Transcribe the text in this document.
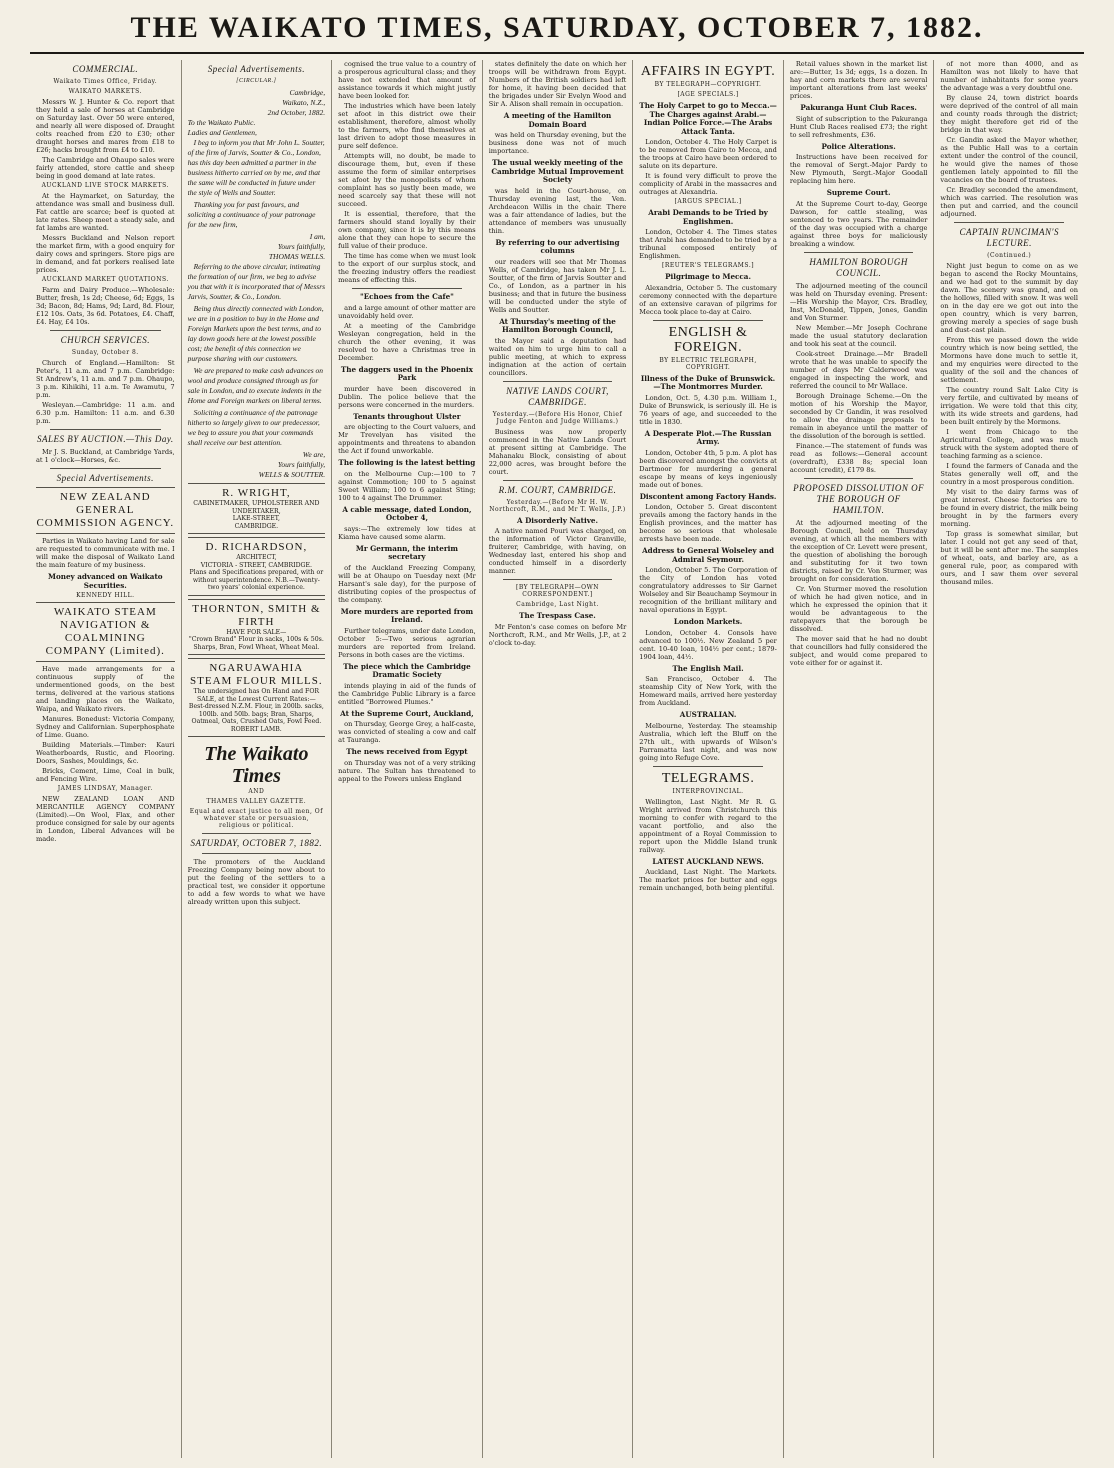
THE WAIKATO TIMES, SATURDAY, OCTOBER 7, 1882.
COMMERCIAL.
Waikato Times Office, Friday.
WAIKATO MARKETS.

Messrs W. J. Hunter & Co. report that they held a sale of horses at Cambridge on Saturday last. Over 50 were entered, and nearly all were disposed of. Draught colts reached from £20 to £30; other draught horses and mares from £18 to £26; hacks brought from £4 to £10.

The Cambridge and Ohaupo sales were fairly attended, store cattle and sheep being in good demand at late rates.

AUCKLAND LIVE STOCK MARKETS.

At the Haymarket, on Saturday, the attendance was small and business dull. Fat cattle are scarce; beef is quoted at late rates. Sheep meet a steady sale, and fat lambs are wanted.

Messrs Buckland and Nelson report the market firm, with a good enquiry for dairy cows and springers. Store pigs are in demand, and fat porkers realised late prices.

AUCKLAND MARKET QUOTATIONS.

Farm and Dairy Produce.—Wholesale: Butter, fresh, 1s 2d; Cheese, 6d; Eggs, 1s 3d; Bacon, 8d; Hams, 9d; Lard, 8d. Flour, £12 10s. Oats, 3s 6d. Potatoes, £4. Chaff, £4. Hay, £4 10s.

CHURCH SERVICES.
Sunday, October 8.

Church of England.—Hamilton: St Peter's, 11 a.m. and 7 p.m. Cambridge: St Andrew's, 11 a.m. and 7 p.m. Ohaupo, 3 p.m. Kihikihi, 11 a.m. Te Awamutu, 7 p.m.

Wesleyan.—Cambridge: 11 a.m. and 6.30 p.m. Hamilton: 11 a.m. and 6.30 p.m.

SALES BY AUCTION.—This Day.

Mr J. S. Buckland, at Cambridge Yards, at 1 o'clock—Horses, &c.

Special Advertisements.
NEW ZEALAND GENERAL COMMISSION AGENCY.

Parties in Waikato having Land for sale are requested to communicate with me. I will make the disposal of Waikato Land the main feature of my business.

Money advanced on Waikato Securities.
KENNEDY HILL.
WAIKATO STEAM NAVIGATION & COALMINING COMPANY (Limited).

Have made arrangements for a continuous supply of the undermentioned goods, on the best terms, delivered at the various stations and landing places on the Waikato, Waipa, and Waikato rivers.

Manures. Bonedust: Victoria Company, Sydney and Californian. Superphosphate of Lime. Guano.

Building Materials.—Timber: Kauri Weatherboards, Rustic, and Flooring. Doors, Sashes, Mouldings, &c.

Bricks, Cement, Lime, Coal in bulk, and Fencing Wire.

JAMES LINDSAY, Manager.

NEW ZEALAND LOAN AND MERCANTILE AGENCY COMPANY (Limited).—On Wool, Flax, and other produce consigned for sale by our agents in London, Liberal Advances will be made.

Special Advertisements.
[CIRCULAR.]
Cambridge,
Waikato, N.Z.,
2nd October, 1882.
To the Waikato Public.
Ladies and Gentlemen,

I beg to inform you that Mr John L. Soutter, of the firm of Jarvis, Soutter & Co., London, has this day been admitted a partner in the business hitherto carried on by me, and that the same will be conducted in future under the style of Wells and Soutter.

Thanking you for past favours, and soliciting a continuance of your patronage for the new firm,

I am,
Yours faithfully,
THOMAS WELLS.

Referring to the above circular, intimating the formation of our firm, we beg to advise you that with it is incorporated that of Messrs Jarvis, Soutter, & Co., London.

Being thus directly connected with London, we are in a position to buy in the Home and Foreign Markets upon the best terms, and to lay down goods here at the lowest possible cost; the benefit of this connection we purpose sharing with our customers.

We are prepared to make cash advances on wool and produce consigned through us for sale in London, and to execute indents in the Home and Foreign markets on liberal terms.

Soliciting a continuance of the patronage hitherto so largely given to our predecessor, we beg to assure you that your commands shall receive our best attention.

We are,
Yours faithfully,
WELLS & SOUTTER.
R. WRIGHT,
CABINETMAKER, UPHOLSTERER AND UNDERTAKER,
LAKE-STREET,
CAMBRIDGE.
D. RICHARDSON,
ARCHITECT,
VICTORIA - STREET, CAMBRIDGE.
Plans and Specifications prepared, with or without superintendence. N.B.—Twenty-two years' colonial experience.
THORNTON, SMITH & FIRTH
HAVE FOR SALE—
"Crown Brand" Flour in sacks, 100s & 50s. Sharps, Bran, Fowl Wheat, Wheat Meal.
NGARUAWAHIA STEAM FLOUR MILLS.
The undersigned has On Hand and FOR SALE, at the Lowest Current Rates:—
Best-dressed N.Z.M. Flour, in 200lb. sacks, 100lb. and 50lb. bags; Bran, Sharps, Oatmeal, Oats, Crushed Oats, Fowl Feed.
ROBERT LAMB.
The Waikato Times
AND
THAMES VALLEY GAZETTE.
Equal and exact justice to all men, Of whatever state or persuasion, religious or political.
SATURDAY, OCTOBER 7, 1882.

The promoters of the Auckland Freezing Company being now about to put the feeling of the settlers to a practical test, we consider it opportune to add a few words to what we have already written upon this subject.

cognised the true value to a country of a prosperous agricultural class; and they have not extended that amount of assistance towards it which might justly have been looked for.

The industries which have been lately set afoot in this district owe their establishment, therefore, almost wholly to the farmers, who find themselves at last driven to adopt those measures in pure self defence.

Attempts will, no doubt, be made to discourage them, but, even if these assume the form of similar enterprises set afoot by the monopolists of whom complaint has so justly been made, we need scarcely say that these will not succeed.

It is essential, therefore, that the farmers should stand loyally by their own company, since it is by this means alone that they can hope to secure the full value of their produce.

The time has come when we must look to the export of our surplus stock, and the freezing industry offers the readiest means of effecting this.

"Echoes from the Cafe"

and a large amount of other matter are unavoidably held over.

At a meeting of the Cambridge Wesleyan congregation, held in the church the other evening, it was resolved to have a Christmas tree in December.

The daggers used in the Phoenix Park

murder have been discovered in Dublin. The police believe that the persons were concerned in the murders.

Tenants throughout Ulster

are objecting to the Court valuers, and Mr Trevelyan has visited the appointments and threatens to abandon the Act if found unworkable.

The following is the latest betting

on the Melbourne Cup:—100 to 7 against Commotion; 100 to 5 against Sweet William; 100 to 6 against Sting; 100 to 4 against The Drummer.

A cable message, dated London, October 4,

says:—The extremely low tides at Kiama have caused some alarm.

Mr Germann, the interim secretary

of the Auckland Freezing Company, will be at Ohaupo on Tuesday next (Mr Harsant's sale day), for the purpose of distributing copies of the prospectus of the company.

More murders are reported from Ireland.

Further telegrams, under date London, October 5:—Two serious agrarian murders are reported from Ireland. Persons in both cases are the victims.

The piece which the Cambridge Dramatic Society

intends playing in aid of the funds of the Cambridge Public Library is a farce entitled "Borrowed Plumes."

At the Supreme Court, Auckland,

on Thursday, George Grey, a half-caste, was convicted of stealing a cow and calf at Tauranga.

The news received from Egypt

on Thursday was not of a very striking nature. The Sultan has threatened to appeal to the Powers unless England

states definitely the date on which her troops will be withdrawn from Egypt. Numbers of the British soldiers had left for home, it having been decided that the brigades under Sir Evelyn Wood and Sir A. Alison shall remain in occupation.

A meeting of the Hamilton Domain Board

was held on Thursday evening, but the business done was not of much importance.

The usual weekly meeting of the Cambridge Mutual Improvement Society

was held in the Court-house, on Thursday evening last, the Ven. Archdeacon Willis in the chair. There was a fair attendance of ladies, but the attendance of members was unusually thin.

By referring to our advertising columns

our readers will see that Mr Thomas Wells, of Cambridge, has taken Mr J. L. Soutter, of the firm of Jarvis Soutter and Co., of London, as a partner in his business; and that in future the business will be conducted under the style of Wells and Soutter.

At Thursday's meeting of the Hamilton Borough Council,

the Mayor said a deputation had waited on him to urge him to call a public meeting, at which to express indignation at the action of certain councillors.

NATIVE LANDS COURT, CAMBRIDGE.
Yesterday.—(Before His Honor, Chief Judge Fenton and Judge Williams.)

Business was now properly commenced in the Native Lands Court at present sitting at Cambridge. The Mahanaku Block, consisting of about 22,000 acres, was brought before the court.

R.M. COURT, CAMBRIDGE.
Yesterday.—(Before Mr H. W. Northcroft, R.M., and Mr T. Wells, J.P.)
A Disorderly Native.

A native named Pouri was charged, on the information of Victor Granville, fruiterer, Cambridge, with having, on Wednesday last, entered his shop and conducted himself in a disorderly manner.

[BY TELEGRAPH—OWN CORRESPONDENT.]
Cambridge, Last Night.
The Trespass Case.

Mr Fenton's case comes on before Mr Northcroft, R.M., and Mr Wells, J.P., at 2 o'clock to-day.

AFFAIRS IN EGYPT.
BY TELEGRAPH—COPYRIGHT.
[AGE SPECIALS.]
The Holy Carpet to go to Mecca.—The Charges against Arabi.—Indian Police Force.—The Arabs Attack Tanta.

London, October 4. The Holy Carpet is to be removed from Cairo to Mecca, and the troops at Cairo have been ordered to salute on its departure.

It is found very difficult to prove the complicity of Arabi in the massacres and outrages at Alexandria.

[ARGUS SPECIAL.]
Arabi Demands to be Tried by Englishmen.

London, October 4. The Times states that Arabi has demanded to be tried by a tribunal composed entirely of Englishmen.

[REUTER'S TELEGRAMS.]
Pilgrimage to Mecca.

Alexandria, October 5. The customary ceremony connected with the departure of an extensive caravan of pilgrims for Mecca took place to-day at Cairo.

ENGLISH & FOREIGN.
BY ELECTRIC TELEGRAPH, COPYRIGHT.
Illness of the Duke of Brunswick.—The Montmorres Murder.

London, Oct. 5, 4.30 p.m. William I., Duke of Brunswick, is seriously ill. He is 76 years of age, and succeeded to the title in 1830.

A Desperate Plot.—The Russian Army.

London, October 4th, 5 p.m. A plot has been discovered amongst the convicts at Dartmoor for murdering a general escape by means of keys ingeniously made out of bones.

Discontent among Factory Hands.

London, October 5. Great discontent prevails among the factory hands in the English provinces, and the matter has become so serious that wholesale arrests have been made.

Address to General Wolseley and Admiral Seymour.

London, October 5. The Corporation of the City of London has voted congratulatory addresses to Sir Garnet Wolseley and Sir Beauchamp Seymour in recognition of the brilliant military and naval operations in Egypt.

London Markets.

London, October 4. Consols have advanced to 100½. New Zealand 5 per cent. 10-40 loan, 104½ per cent.; 1879-1904 loan, 44½.

The English Mail.

San Francisco, October 4. The steamship City of New York, with the Homeward mails, arrived here yesterday from Auckland.

AUSTRALIAN.

Melbourne, Yesterday. The steamship Australia, which left the Bluff on the 27th ult., with upwards of Wilson's Parramatta last night, and was now going into Refuge Cove.

TELEGRAMS.
INTERPROVINCIAL.

Wellington, Last Night. Mr R. G. Wright arrived from Christchurch this morning to confer with regard to the vacant portfolio, and also the appointment of a Royal Commission to report upon the Middle Island trunk railway.

LATEST AUCKLAND NEWS.

Auckland, Last Night. The Markets. The market prices for butter and eggs remain unchanged, both being plentiful.

Retail values shown in the market list are:—Butter, 1s 3d; eggs, 1s a dozen. In hay and corn markets there are several important alterations from last weeks' prices.

Pakuranga Hunt Club Races.

Sight of subscription to the Pakuranga Hunt Club Races realised £73; the right to sell refreshments, £36.

Police Alterations.

Instructions have been received for the removal of Sergt.-Major Pardy to New Plymouth, Sergt.-Major Goodall replacing him here.

Supreme Court.

At the Supreme Court to-day, George Dawson, for cattle stealing, was sentenced to two years. The remainder of the day was occupied with a charge against three boys for maliciously breaking a window.

HAMILTON BOROUGH COUNCIL.

The adjourned meeting of the council was held on Thursday evening. Present:—His Worship the Mayor, Crs. Bradley, Inst, McDonald, Tippen, Jones, Gandin and Von Sturmer.

New Member.—Mr Joseph Cochrane made the usual statutory declaration and took his seat at the council.

Cook-street Drainage.—Mr Bradell wrote that he was unable to specify the number of days Mr Calderwood was engaged in inspecting the work, and referred the council to Mr Wallace.

Borough Drainage Scheme.—On the motion of his Worship the Mayor, seconded by Cr Gandin, it was resolved to allow the drainage proposals to remain in abeyance until the matter of the dissolution of the borough is settled.

Finance.—The statement of funds was read as follows:—General account (overdraft), £338 8s; special loan account (credit), £179 8s.

PROPOSED DISSOLUTION OF THE BOROUGH OF HAMILTON.

At the adjourned meeting of the Borough Council, held on Thursday evening, at which all the members with the exception of Cr. Levett were present, the question of abolishing the borough and substituting for it two town districts, raised by Cr. Von Sturmer, was brought on for consideration.

Cr. Von Sturmer moved the resolution of which he had given notice, and in which he expressed the opinion that it would be advantageous to the ratepayers that the borough be dissolved.

The mover said that he had no doubt that councillors had fully considered the subject, and would come prepared to vote either for or against it.

of not more than 4000, and as Hamilton was not likely to have that number of inhabitants for some years the advantage was a very doubtful one.

By clause 24, town district boards were deprived of the control of all main and county roads through the district; they might therefore get rid of the bridge in that way.

Cr. Gandin asked the Mayor whether, as the Public Hall was to a certain extent under the control of the council, he would give the names of those gentlemen lately appointed to fill the vacancies on the board of trustees.

Cr. Bradley seconded the amendment, which was carried. The resolution was then put and carried, and the council adjourned.

CAPTAIN RUNCIMAN'S LECTURE.
(Continued.)

Night just begun to come on as we began to ascend the Rocky Mountains, and we had got to the summit by day dawn. The scenery was grand, and on the hollows, filled with snow. It was well on in the day ere we got out into the open country, which is very barren, growing merely a species of sage bush and dust-cast plain.

From this we passed down the wide country which is now being settled, the Mormons have done much to settle it, and my enquiries were directed to the quality of the soil and the chances of settlement.

The country round Salt Lake City is very fertile, and cultivated by means of irrigation. We were told that this city, with its wide streets and gardens, had been built entirely by the Mormons.

I went from Chicago to the Agricultural College, and was much struck with the system adopted there of teaching farming as a science.

I found the farmers of Canada and the States generally well off, and the country in a most prosperous condition.

My visit to the dairy farms was of great interest. Cheese factories are to be found in every district, the milk being brought in by the farmers every morning.

Top grass is somewhat similar, but later. I could not get any seed of that, but it will be sent after me. The samples of wheat, oats, and barley are, as a general rule, poor, as compared with ours, and I saw them over several thousand miles.
